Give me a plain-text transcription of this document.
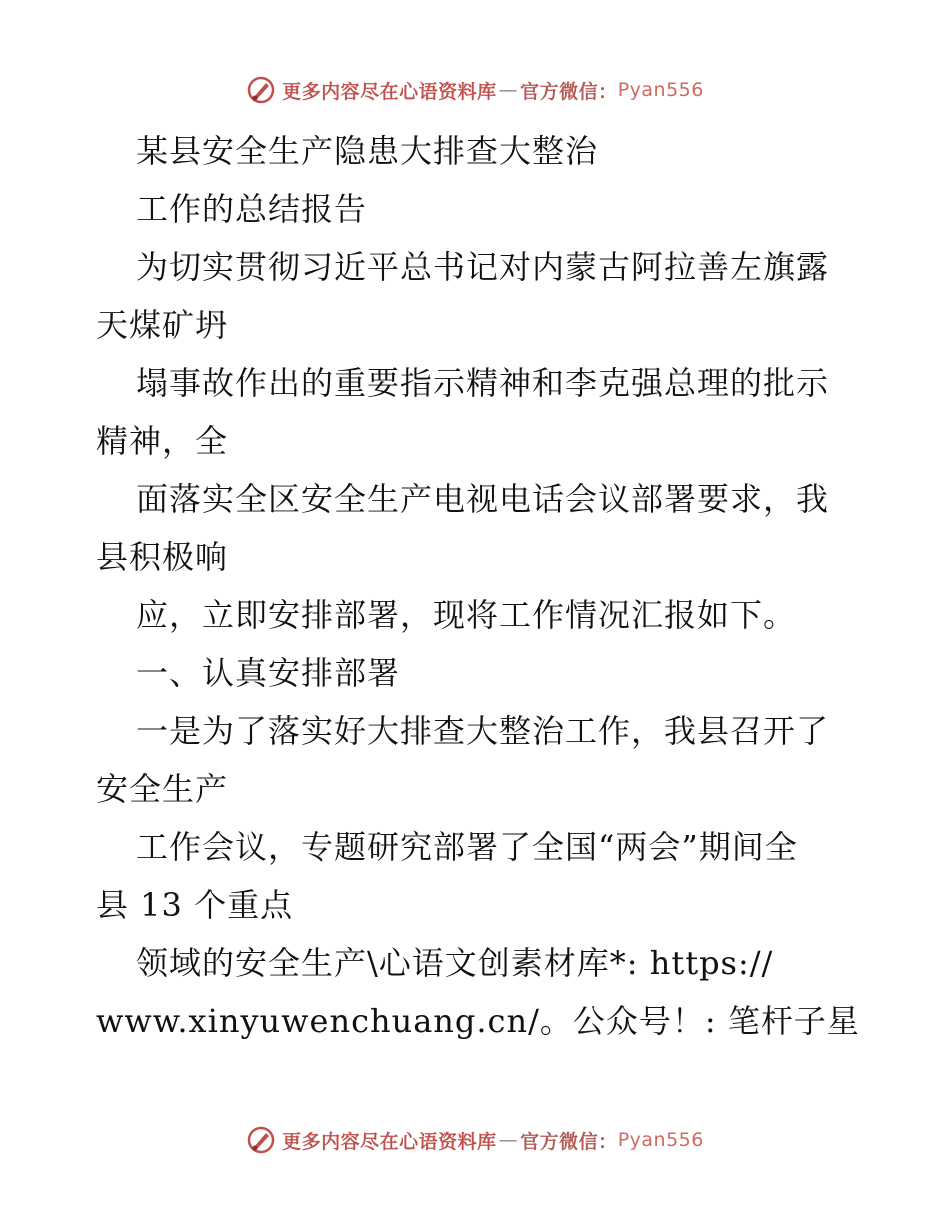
更多内容尽在心语资料库 — 官方微信： Pyan556
某县安全生产隐患大排查大整治
工作的总结报告
为切实贯彻习近平总书记对内蒙古阿拉善左旗露
天煤矿坍
塌事故作出的重要指示精神和李克强总理的批示
精神，全
面落实全区安全生产电视电话会议部署要求，我
县积极响
应，立即安排部署，现将工作情况汇报如下。
一、认真安排部署
一是为了落实好大排查大整治工作，我县召开了
安全生产
工作会议，专题研究部署了全国“两会”期间全
县 13 个重点
领域的安全生产\心语文创素材库*: https://
www.xinyuwenchuang.cn/。公众号！: 笔杆子星
更多内容尽在心语资料库 — 官方微信： Pyan556
